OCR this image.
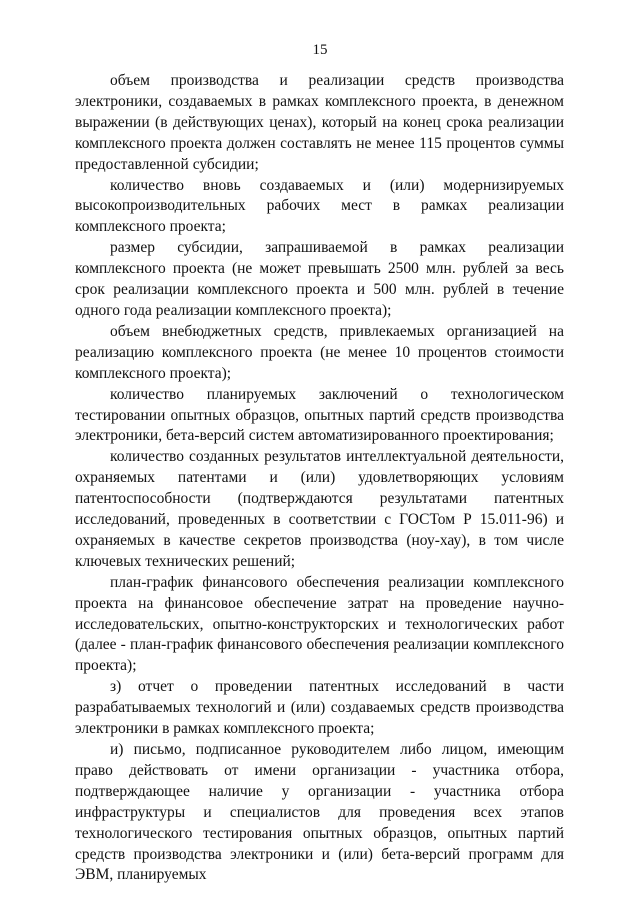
15

объем производства и реализации средств производства электроники, создаваемых в рамках комплексного проекта, в денежном выражении (в действующих ценах), который на конец срока реализации комплексного проекта должен составлять не менее 115 процентов суммы предоставленной субсидии;

количество вновь создаваемых и (или) модернизируемых высокопроизводительных рабочих мест в рамках реализации комплексного проекта;

размер субсидии, запрашиваемой в рамках реализации комплексного проекта (не может превышать 2500 млн. рублей за весь срок реализации комплексного проекта и 500 млн. рублей в течение одного года реализации комплексного проекта);

объем внебюджетных средств, привлекаемых организацией на реализацию комплексного проекта (не менее 10 процентов стоимости комплексного проекта);

количество планируемых заключений о технологическом тестировании опытных образцов, опытных партий средств производства электроники, бета-версий систем автоматизированного проектирования;

количество созданных результатов интеллектуальной деятельности, охраняемых патентами и (или) удовлетворяющих условиям патентоспособности (подтверждаются результатами патентных исследований, проведенных в соответствии с ГОСТом Р 15.011-96) и охраняемых в качестве секретов производства (ноу-хау), в том числе ключевых технических решений;

план-график финансового обеспечения реализации комплексного проекта на финансовое обеспечение затрат на проведение научно-исследовательских, опытно-конструкторских и технологических работ (далее - план-график финансового обеспечения реализации комплексного проекта);

з) отчет о проведении патентных исследований в части разрабатываемых технологий и (или) создаваемых средств производства электроники в рамках комплексного проекта;

и) письмо, подписанное руководителем либо лицом, имеющим право действовать от имени организации - участника отбора, подтверждающее наличие у организации - участника отбора инфраструктуры и специалистов для проведения всех этапов технологического тестирования опытных образцов, опытных партий средств производства электроники и (или) бета-версий программ для ЭВМ, планируемых
